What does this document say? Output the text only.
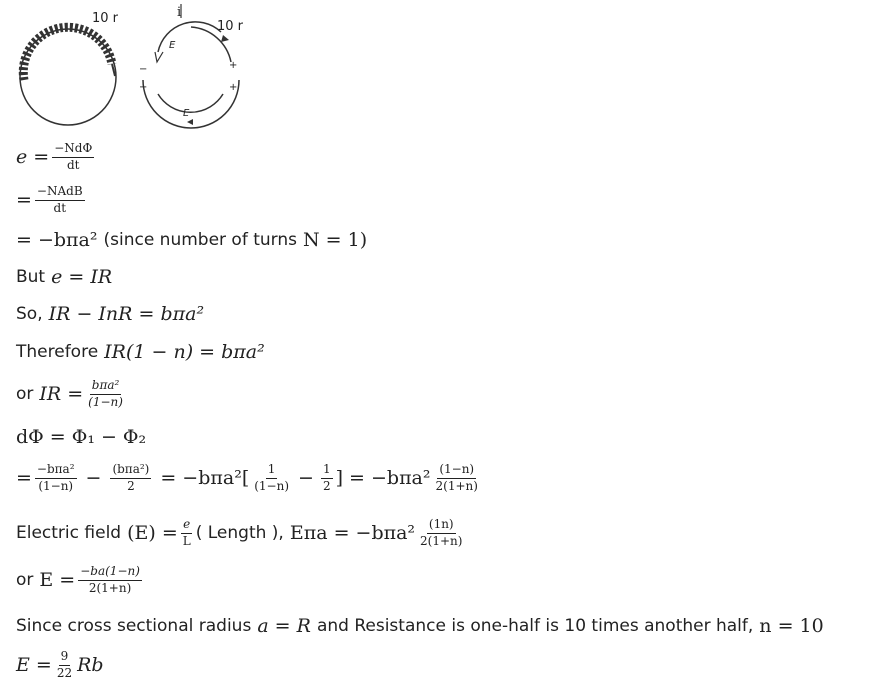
10 r	i
10 r
E
E
−
−
+
+
$e = \frac{\text{−NdΦ}}{dt}$
= $\frac{\text{−NAdB}}{dt}$
= −bπa² (since number of turns N = 1)
But e = IR
So, IR − InR = bπa²
Therefore IR(1 − n) = bπa²
or IR = $\frac{\text{bπa²}}{(1-n)}$
dΦ = Φ₁ − Φ₂
= $\frac{\text{−bπa²}}{(1-n)} - \frac{\text{(bπa²)}}{2} = -b\pi a^2[ \frac{1}{(1-n)} - \frac{1}{2}$ ] = $-b\pi a^2 \frac{(1-n)}{2(1+n)}$
Electric field $(E) = \frac{e}{L}$ ( Length ), $E\pi a = -b\pi a^2 \frac{(1n)}{2(1+n)}$
or $E = \frac{-ba(1-n)}{2(1+n)}$
Since cross sectional radius a = R and Resistance is one-half is 10 times another half, n = 10
$E = \frac{9}{22}$ Rb
